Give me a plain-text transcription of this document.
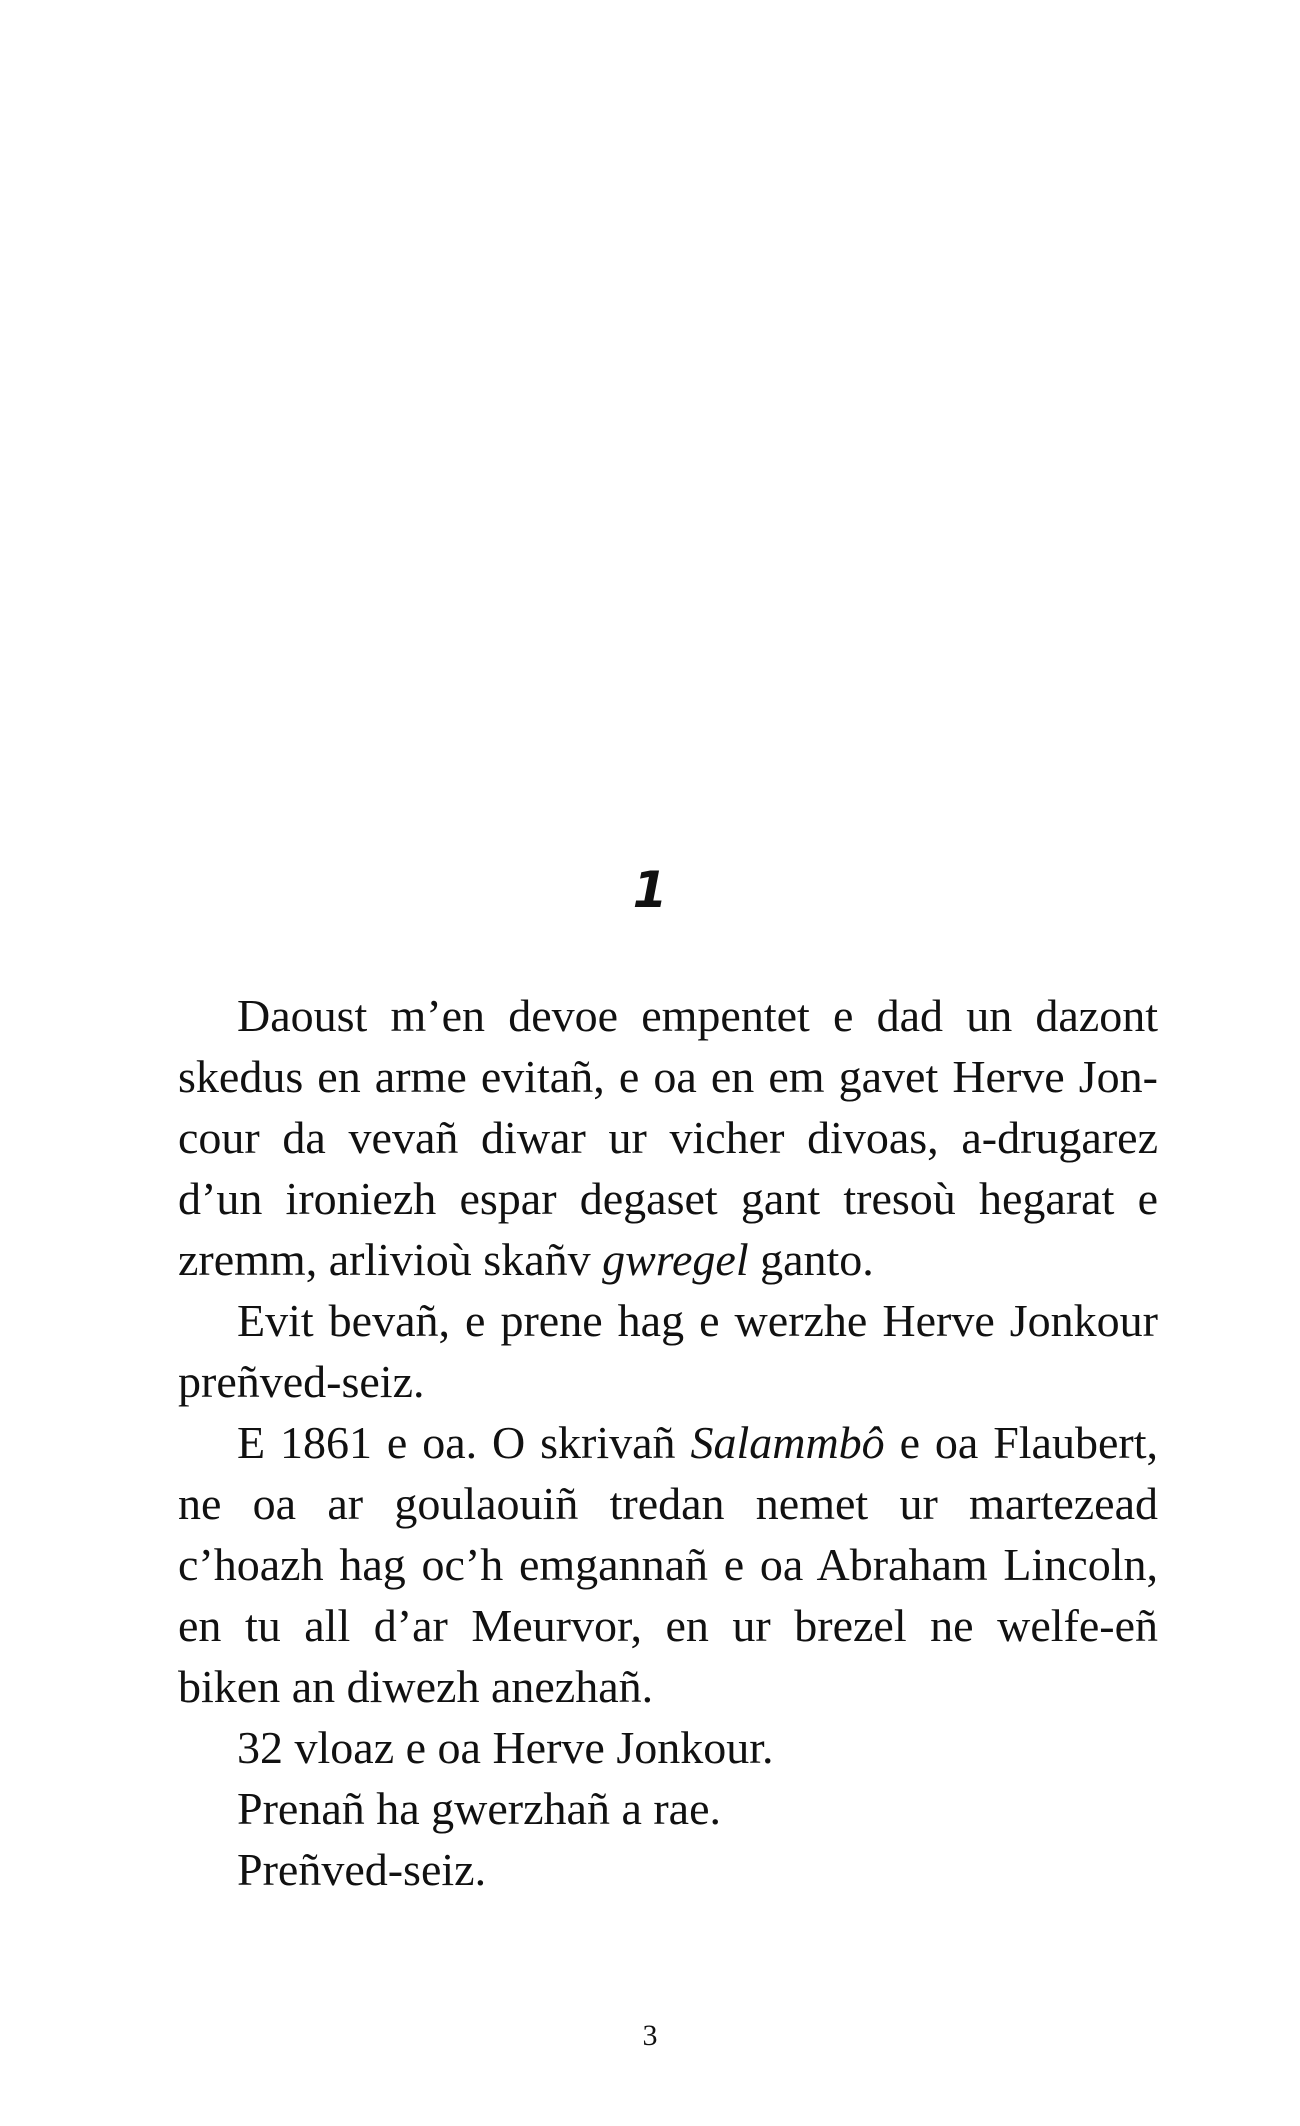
1
Daoust m’en devoe empentet e dad un dazont
skedus en arme evitañ, e oa en em gavet Herve Jon-
cour da vevañ diwar ur vicher divoas, a-drugarez
d’un ironiezh espar degaset gant tresoù hegarat e
zremm, arlivioù skañv gwregel ganto.
Evit bevañ, e prene hag e werzhe Herve Jonkour
preñved-seiz.
E 1861 e oa. O skrivañ Salammbô e oa Flaubert,
ne oa ar goulaouiñ tredan nemet ur martezead
c’hoazh hag oc’h emgannañ e oa Abraham Lincoln,
en tu all d’ar Meurvor, en ur brezel ne welfe-eñ
biken an diwezh anezhañ.
32 vloaz e oa Herve Jonkour.
Prenañ ha gwerzhañ a rae.
Preñved-seiz.
3
